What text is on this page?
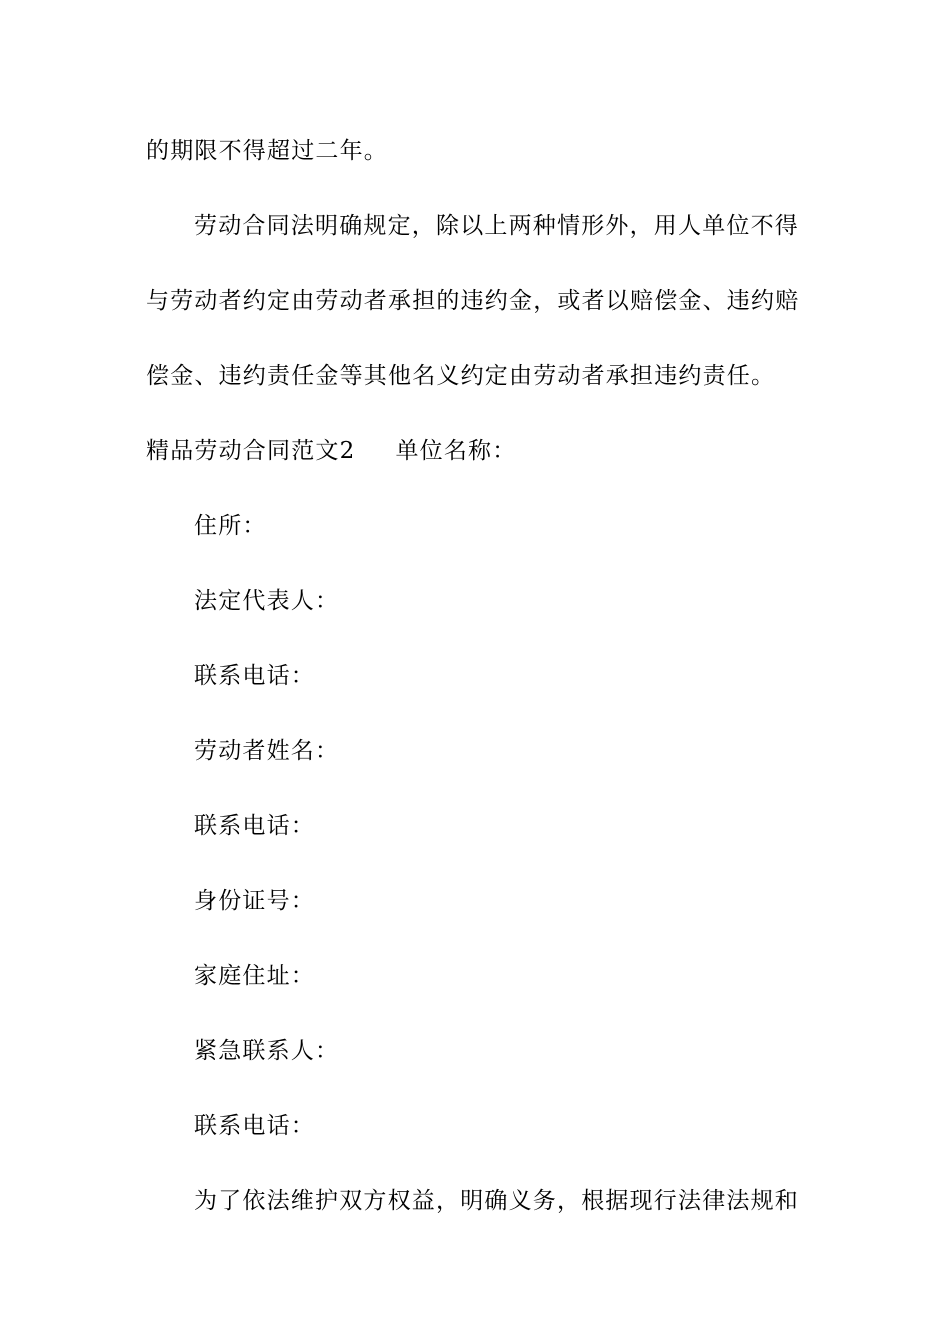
的期限不得超过二年。
劳动合同法明确规定，除以上两种情形外，用人单位不得
与劳动者约定由劳动者承担的违约金，或者以赔偿金、违约赔
偿金、违约责任金等其他名义约定由劳动者承担违约责任。
精品劳动合同范文2 单位名称：
住所：
法定代表人：
联系电话：
劳动者姓名：
联系电话：
身份证号：
家庭住址：
紧急联系人：
联系电话：
为了依法维护双方权益，明确义务，根据现行法律法规和
